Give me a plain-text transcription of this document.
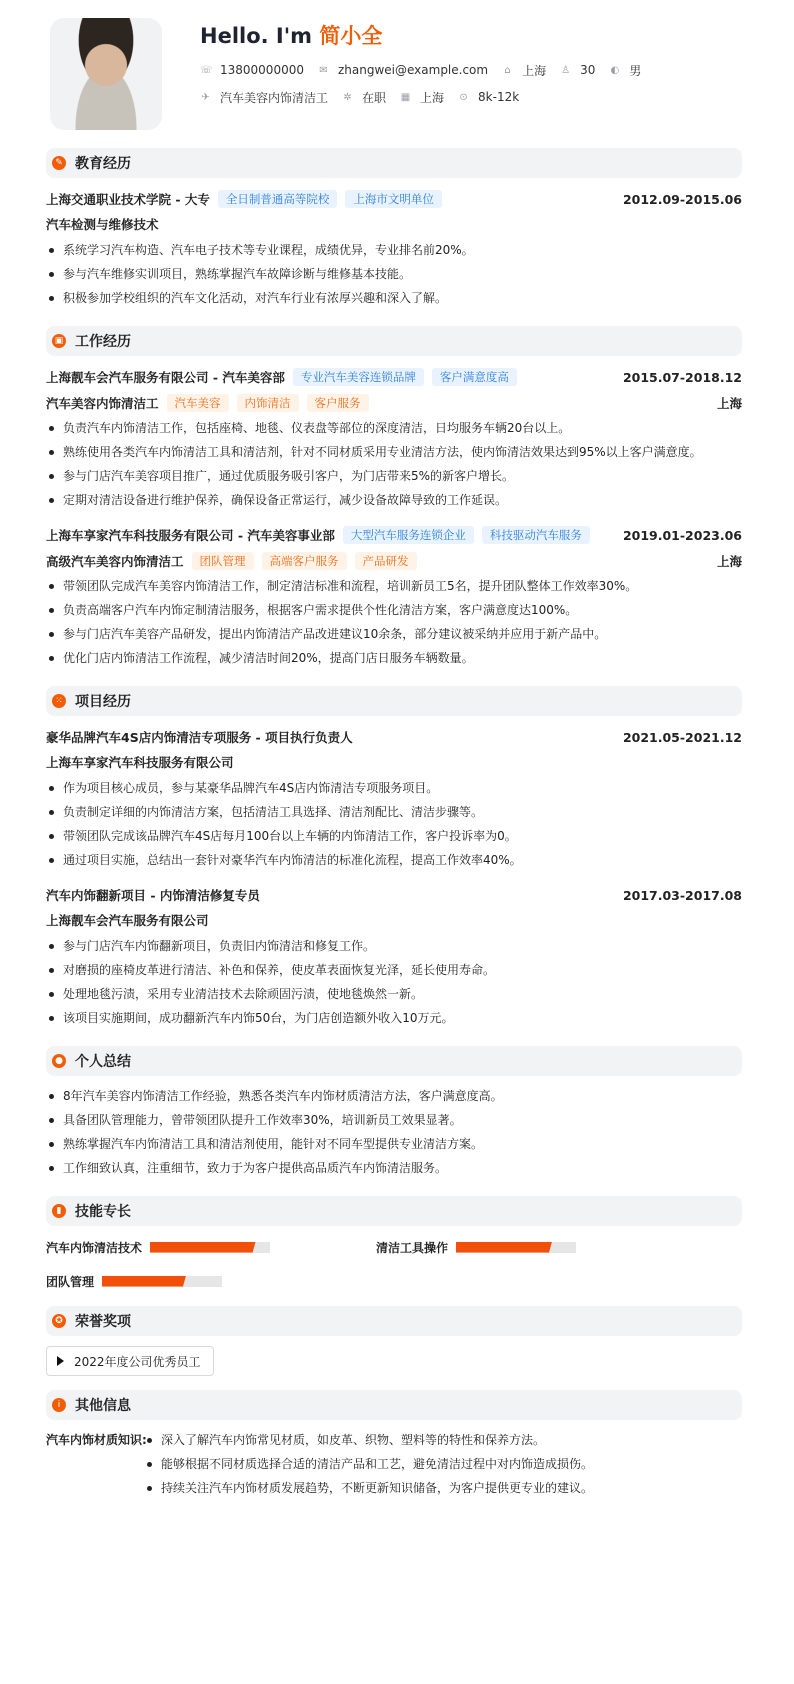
Hello. I'm 简小全
☏ 13800000000 ✉ zhangwei@example.com ⌂ 上海 ♙ 30 ◐ 男
✈ 汽车美容内饰清洁工 ✲ 在职 ▦ 上海 ⊙ 8k-12k
✎ 教育经历
上海交通职业技术学院 - 大专	全日制普通高等院校	上海市文明单位	2012.09-2015.06
汽车检测与维修技术
系统学习汽车构造、汽车电子技术等专业课程，成绩优异，专业排名前20%。
参与汽车维修实训项目，熟练掌握汽车故障诊断与维修基本技能。
积极参加学校组织的汽车文化活动，对汽车行业有浓厚兴趣和深入了解。
▣ 工作经历
上海靓车会汽车服务有限公司 - 汽车美容部	专业汽车美容连锁品牌	客户满意度高	2015.07-2018.12
汽车美容内饰清洁工	汽车美容	内饰清洁	客户服务	上海
负责汽车内饰清洁工作，包括座椅、地毯、仪表盘等部位的深度清洁，日均服务车辆20台以上。
熟练使用各类汽车内饰清洁工具和清洁剂，针对不同材质采用专业清洁方法，使内饰清洁效果达到95%以上客户满意度。
参与门店汽车美容项目推广，通过优质服务吸引客户，为门店带来5%的新客户增长。
定期对清洁设备进行维护保养，确保设备正常运行，减少设备故障导致的工作延误。
上海车享家汽车科技服务有限公司 - 汽车美容事业部	大型汽车服务连锁企业	科技驱动汽车服务	2019.01-2023.06
高级汽车美容内饰清洁工	团队管理	高端客户服务	产品研发	上海
带领团队完成汽车美容内饰清洁工作，制定清洁标准和流程，培训新员工5名，提升团队整体工作效率30%。
负责高端客户汽车内饰定制清洁服务，根据客户需求提供个性化清洁方案，客户满意度达100%。
参与门店汽车美容产品研发，提出内饰清洁产品改进建议10余条，部分建议被采纳并应用于新产品中。
优化门店内饰清洁工作流程，减少清洁时间20%，提高门店日服务车辆数量。
⁙ 项目经历
豪华品牌汽车4S店内饰清洁专项服务 - 项目执行负责人	2021.05-2021.12
上海车享家汽车科技服务有限公司
作为项目核心成员，参与某豪华品牌汽车4S店内饰清洁专项服务项目。
负责制定详细的内饰清洁方案，包括清洁工具选择、清洁剂配比、清洁步骤等。
带领团队完成该品牌汽车4S店每月100台以上车辆的内饰清洁工作，客户投诉率为0。
通过项目实施，总结出一套针对豪华汽车内饰清洁的标准化流程，提高工作效率40%。
汽车内饰翻新项目 - 内饰清洁修复专员	2017.03-2017.08
上海靓车会汽车服务有限公司
参与门店汽车内饰翻新项目，负责旧内饰清洁和修复工作。
对磨损的座椅皮革进行清洁、补色和保养，使皮革表面恢复光泽，延长使用寿命。
处理地毯污渍，采用专业清洁技术去除顽固污渍，使地毯焕然一新。
该项目实施期间，成功翻新汽车内饰50台，为门店创造额外收入10万元。
● 个人总结
8年汽车美容内饰清洁工作经验，熟悉各类汽车内饰材质清洁方法，客户满意度高。
具备团队管理能力，曾带领团队提升工作效率30%，培训新员工效果显著。
熟练掌握汽车内饰清洁工具和清洁剂使用，能针对不同车型提供专业清洁方案。
工作细致认真，注重细节，致力于为客户提供高品质汽车内饰清洁服务。
▮ 技能专长
汽车内饰清洁技术	清洁工具操作
团队管理
✪ 荣誉奖项
2022年度公司优秀员工
i	其他信息
汽车内饰材质知识:	深入了解汽车内饰常见材质，如皮革、织物、塑料等的特性和保养方法。
能够根据不同材质选择合适的清洁产品和工艺，避免清洁过程中对内饰造成损伤。
持续关注汽车内饰材质发展趋势，不断更新知识储备，为客户提供更专业的建议。
